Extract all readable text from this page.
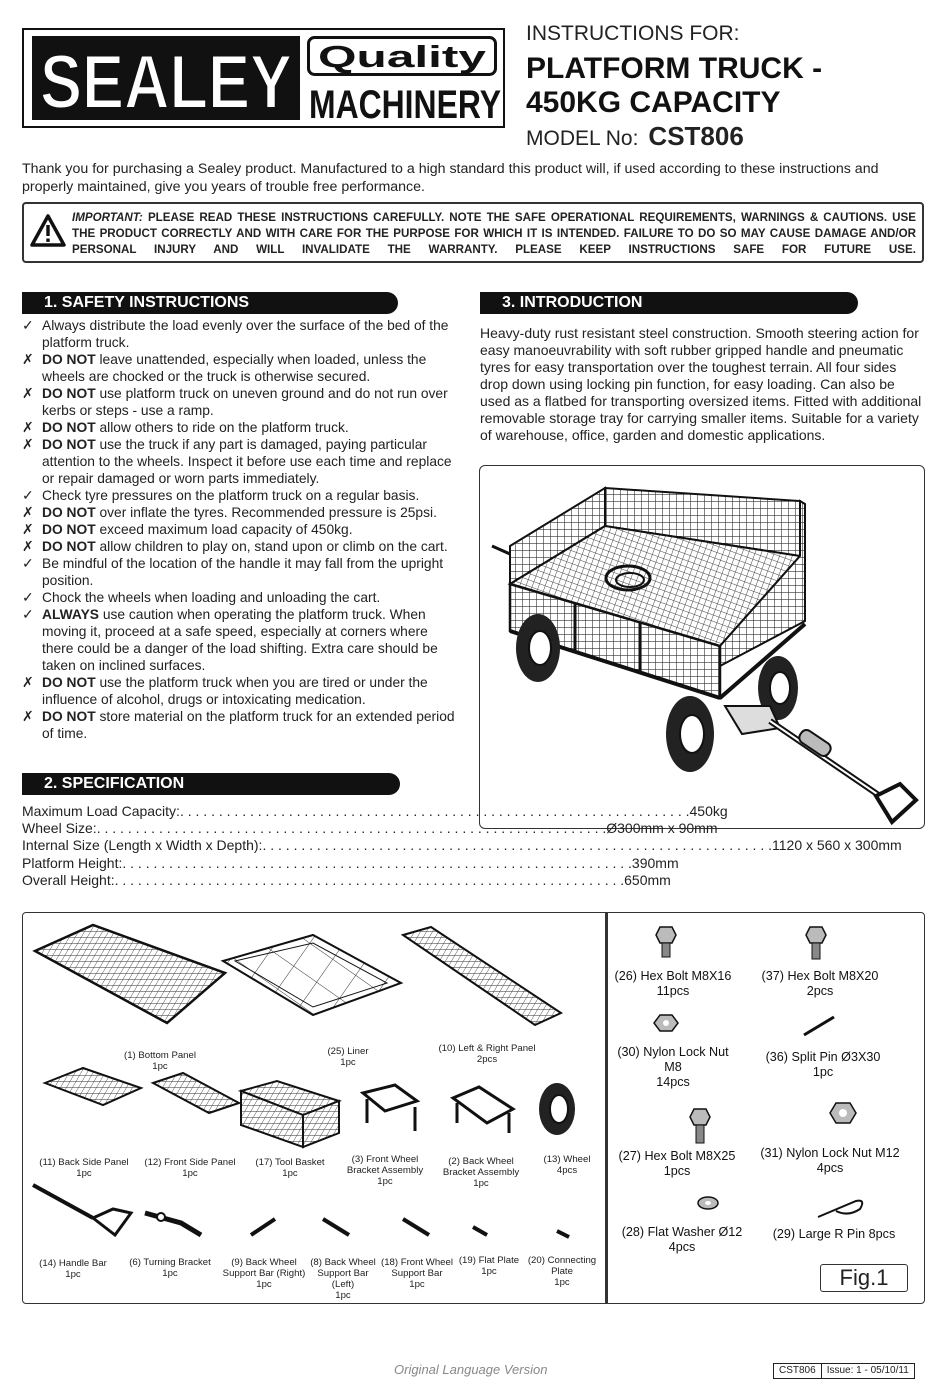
SEALEY Quality
MACHINERY
INSTRUCTIONS FOR:
PLATFORM TRUCK -
450KG CAPACITY
MODEL No: CST806
Thank you for purchasing a Sealey product. Manufactured to a high standard this product will, if used according to these instructions and properly maintained, give you years of trouble free performance.
IMPORTANT: PLEASE READ THESE INSTRUCTIONS CAREFULLY. NOTE THE SAFE OPERATIONAL REQUIREMENTS, WARNINGS & CAUTIONS. USE THE PRODUCT CORRECTLY AND WITH CARE FOR THE PURPOSE FOR WHICH IT IS INTENDED. FAILURE TO DO SO MAY CAUSE DAMAGE AND/OR PERSONAL INJURY AND WILL INVALIDATE THE WARRANTY. PLEASE KEEP INSTRUCTIONS SAFE FOR FUTURE USE.
1. SAFETY INSTRUCTIONS
✓ Always distribute the load evenly over the surface of the bed of the platform truck.
✗ DO NOT leave unattended, especially when loaded, unless the wheels are chocked or the truck is otherwise secured.
✗ DO NOT use platform truck on uneven ground and do not run over kerbs or steps - use a ramp.
✗ DO NOT allow others to ride on the platform truck.
✗ DO NOT use the truck if any part is damaged, paying particular attention to the wheels. Inspect it before use each time and replace or repair damaged or worn parts immediately.
✓ Check tyre pressures on the platform truck on a regular basis.
✗ DO NOT over inflate the tyres. Recommended pressure is 25psi.
✗ DO NOT exceed maximum load capacity of 450kg.
✗ DO NOT allow children to play on, stand upon or climb on the cart.
✓ Be mindful of the location of the handle it may fall from the upright position.
✓ Chock the wheels when loading and unloading the cart.
✓ ALWAYS use caution when operating the platform truck. When moving it, proceed at a safe speed, especially at corners where there could be a danger of the load shifting. Extra care should be taken on inclined surfaces.
✗ DO NOT use the platform truck when you are tired or under the influence of alcohol, drugs or intoxicating medication.
✗ DO NOT store material on the platform truck for an extended period of time.
3. INTRODUCTION
Heavy-duty rust resistant steel construction. Smooth steering action for easy manoeuvrability with soft rubber gripped handle and pneumatic tyres for easy transportation over the toughest terrain. All four sides drop down using locking pin function, for easy loading. Can also be used as a flatbed for transporting oversized items. Fitted with additional removable storage tray for carrying smaller items. Suitable for a variety of warehouse, office, garden and domestic applications.
2. SPECIFICATION
Maximum Load Capacity: . . .	450kg
Wheel Size: . . .	Ø300mm x 90mm
Internal Size (Length x Width x Depth): . . .	1120 x 560 x 300mm
Platform Height: . . .	390mm
Overall Height: . . .	650mm
(1) Bottom Panel
1pc
(25) Liner
1pc
(10) Left & Right Panel
2pcs
(11) Back Side Panel
1pc
(12) Front Side Panel
1pc
(17) Tool Basket
1pc
(3) Front Wheel
Bracket Assembly
1pc
(2) Back Wheel
Bracket Assembly
1pc
(13) Wheel
4pcs
(14) Handle Bar
1pc
(6) Turning Bracket
1pc
(9) Back Wheel
Support Bar (Right)
1pc
(8) Back Wheel
Support Bar
(Left)
1pc
(18) Front Wheel
Support Bar
1pc
(19) Flat Plate
1pc
(20) Connecting
Plate
1pc
(26) Hex Bolt M8X16
11pcs
(37) Hex Bolt M8X20
2pcs
(30) Nylon Lock Nut
M8
14pcs
(36) Split Pin Ø3X30
1pc
(27) Hex Bolt M8X25
1pcs
(31) Nylon Lock Nut M12
4pcs
(28) Flat Washer Ø12
4pcs
(29) Large R Pin 8pcs
Fig.1
Original Language Version	CST806	Issue: 1 - 05/10/11
